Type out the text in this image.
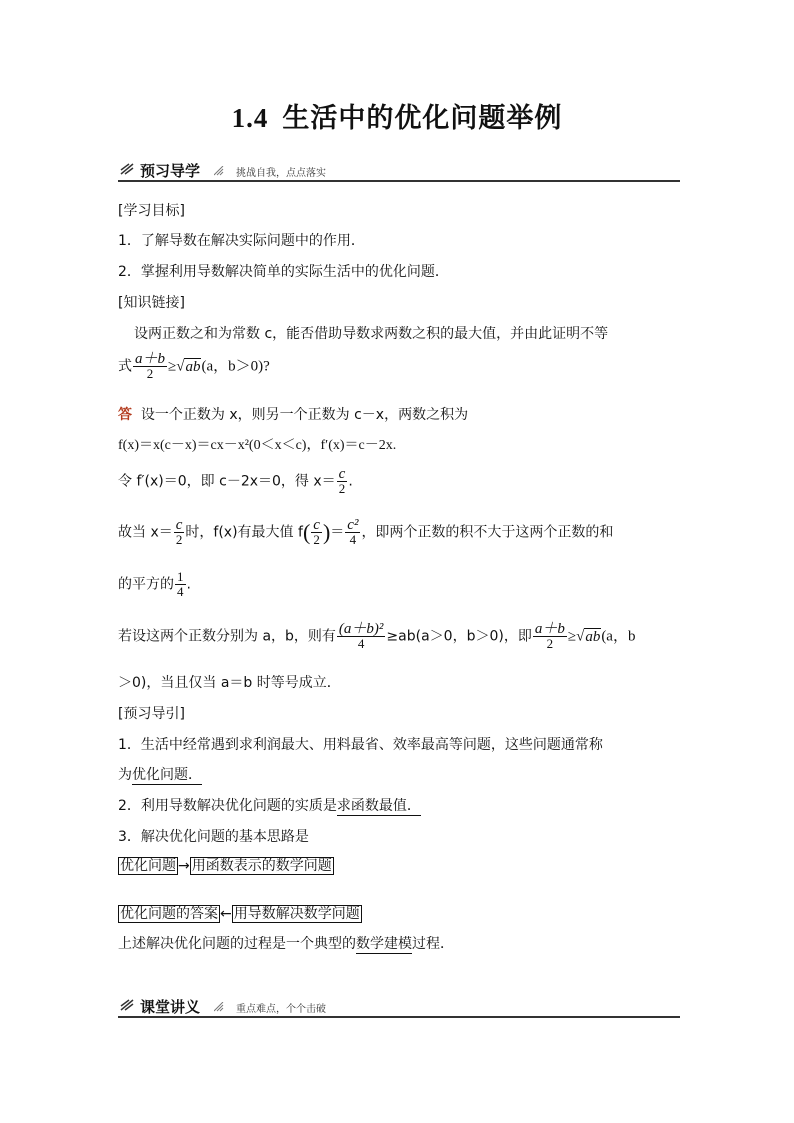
1.4 生活中的优化问题举例
预习导学	挑战自我，点点落实
[学习目标]
1．了解导数在解决实际问题中的作用．
2．掌握利用导数解决简单的实际生活中的优化问题．
[知识链接]
设两正数之和为常数 c，能否借助导数求两数之积的最大值，并由此证明不等
式 $\frac{a+b}{2} \ge√ab(a$，b＞0)?
答 设一个正数为 x，则另一个正数为 c－x，两数之积为
f(x)＝x(c－x)＝cx－x²(0＜x＜c)，f′(x)＝c－2x.
令 f′(x)＝0，即 c－2x＝0，得 $x= \frac{c}{2}$ .
故当 $x= \frac{c}{2}$ 时，f(x)有最大值 $f( \frac{c}{2}$ )＝ $\frac{\text{c²}}{4}$ ，即两个正数的积不大于这两个正数的和
的平方的 $\frac{1}{4}$ .
若设这两个正数分别为 a，b，则有 $\frac{\text{(a＋b)²}}{4} \ge ab(a>0$，b＞0)，即 $\frac{a+b}{2} \ge√ab(a$，b
＞0)，当且仅当 a＝b 时等号成立．
[预习导引]
1．生活中经常遇到求利润最大、用料最省、效率最高等问题，这些问题通常称
为优化问题．
2．利用导数解决优化问题的实质是求函数最值．
3．解决优化问题的基本思路是
优化问题 → 用函数表示的数学问题
优化问题的答案 ← 用导数解决数学问题
上述解决优化问题的过程是一个典型的数学建模过程．
课堂讲义	重点难点，个个击破
